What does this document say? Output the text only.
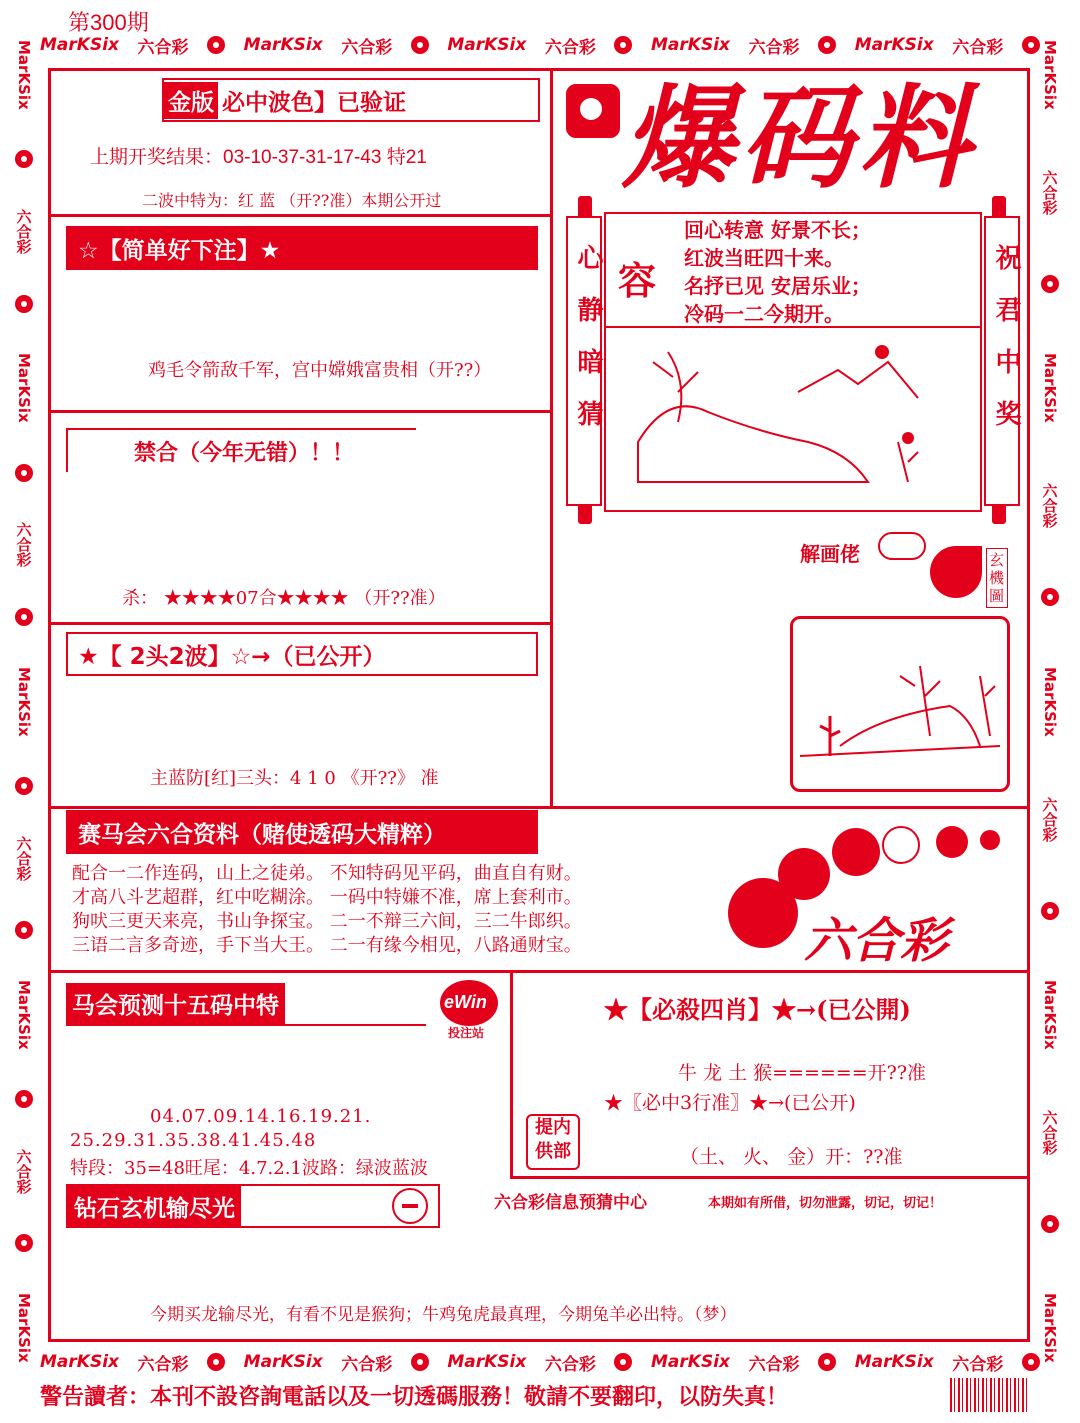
第300期
MarKSix 六合彩	MarKSix 六合彩	MarKSix 六合彩	MarKSix 六合彩	MarKSix 六合彩
MarKSix 六合彩	MarKSix 六合彩	MarKSix 六合彩	MarKSix 六合彩	MarKSix 六合彩
MarKSix
六合彩
MarKSix
六合彩
MarKSix
六合彩
MarKSix
六合彩
MarKSix
MarKSix
六合彩
MarKSix
六合彩
MarKSix
六合彩
MarKSix
六合彩
MarKSix
金版 必中波色】已验证
上期开奖结果：03-10-37-31-17-43 特21
二波中特为：红 蓝 （开??准）本期公开过
☆【简单好下注】★
鸡毛令箭敌千军，宫中嫦娥富贵相（开??）
禁合（今年无错）！！
杀： ★★★★07合★★★★ （开??准）
★【 2头2波】☆→（已公开）
主蓝防[红]三头：4 1 0 《开??》 准
爆码料
心静暗猜	祝君中奖
容
回心转意 好景不长；
红波当旺四十来。
名抒已见 安居乐业；
冷码一二今期开。
解画佬	玄機圖
赛马会六合资料（赌使透码大精粹）
配合一二作连码，山上之徒弟。 不知特码见平码，曲直自有财。
才高八斗艺超群，红中吃糊涂。 一码中特嫌不准，席上套利市。
狗吠三更天来亮，书山争探宝。 二一不辩三六间，三二牛郎织。
三语二言多奇迹，手下当大王。 二一有缘今相见，八路通财宝。	六合彩
马会预测十五码中特	eWin
投注站
04.07.09.14.16.19.21.
25.29.31.35.38.41.45.48
特段：35=48旺尾：4.7.2.1波路：绿波蓝波
★【必殺四肖】★→(已公開)
牛 龙 土 猴======开??准
★〖必中3行准〗★→(已公开)
（土、 火、 金）开：??准
提内
供部
钻石玄机输尽光	六合彩信息预猜中心	本期如有所借，切勿泄露，切记，切记！
今期买龙输尽光，有看不见是猴狗；牛鸡兔虎最真理，今期兔羊必出特。（梦）
警告讀者：本刊不設咨詢電話以及一切透碼服務！敬請不要翻印，以防失真！
